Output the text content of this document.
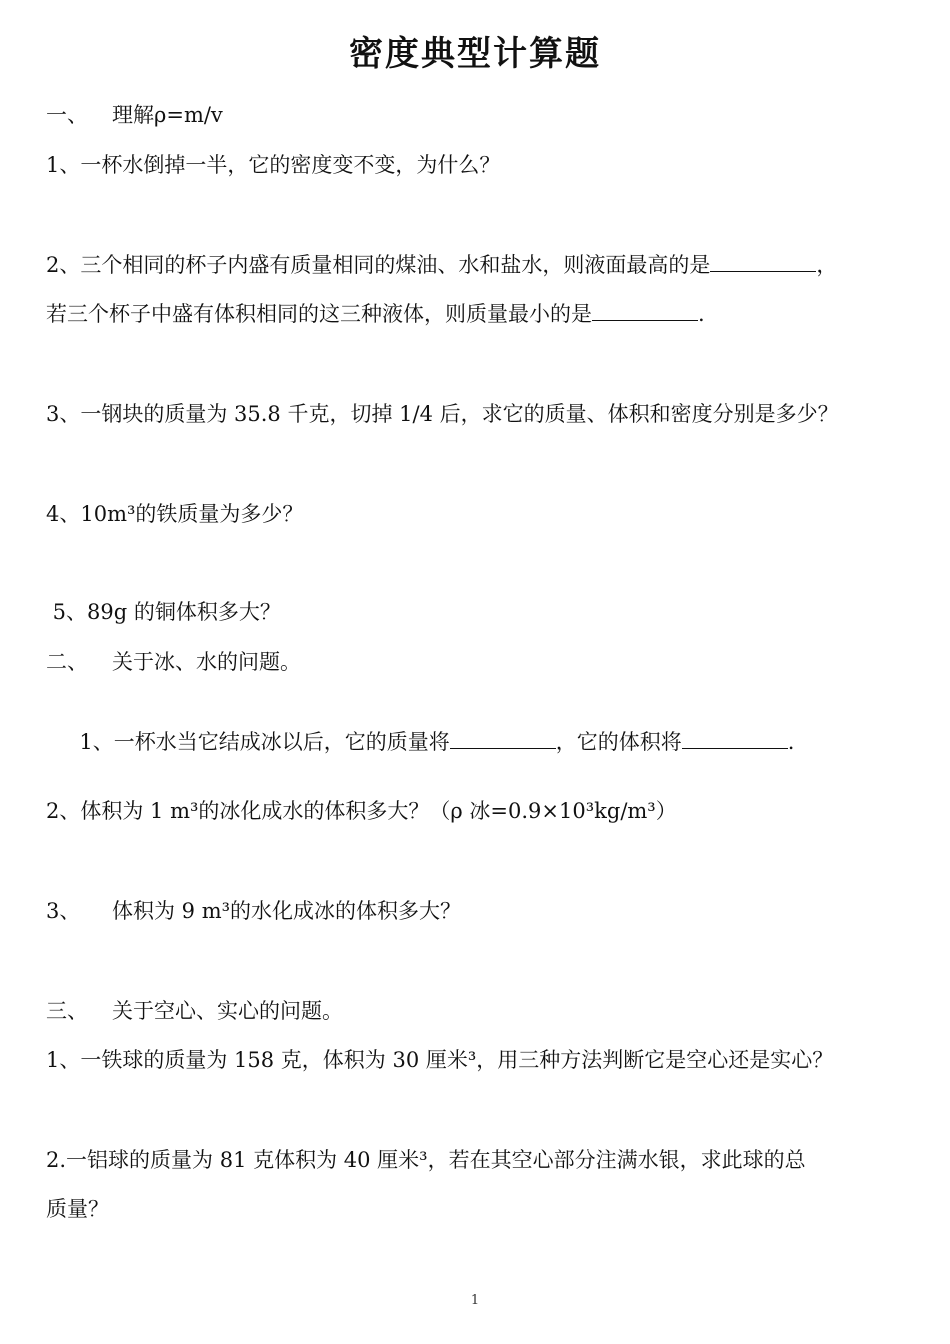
密度典型计算题
一、 理解ρ=m/v
1、一杯水倒掉一半，它的密度变不变，为什么？
2、三个相同的杯子内盛有质量相同的煤油、水和盐水，则液面最高的是	，
若三个杯子中盛有体积相同的这三种液体，则质量最小的是	.
3、一钢块的质量为 35.8 千克，切掉 1/4 后，求它的质量、体积和密度分别是多少？
4、10m³的铁质量为多少？
5、89g 的铜体积多大？
二、 关于冰、水的问题。

1、一杯水当它结成冰以后，它的质量将	，它的体积将	.

2、体积为 1 m³的冰化成水的体积多大？（ρ 冰=0.9×10³kg/m³）
3、 体积为 9 m³的水化成冰的体积多大？
三、 关于空心、实心的问题。
1、一铁球的质量为 158 克，体积为 30 厘米³，用三种方法判断它是空心还是实心？
2.一铝球的质量为 81 克体积为 40 厘米³，若在其空心部分注满水银，求此球的总
质量？
1
